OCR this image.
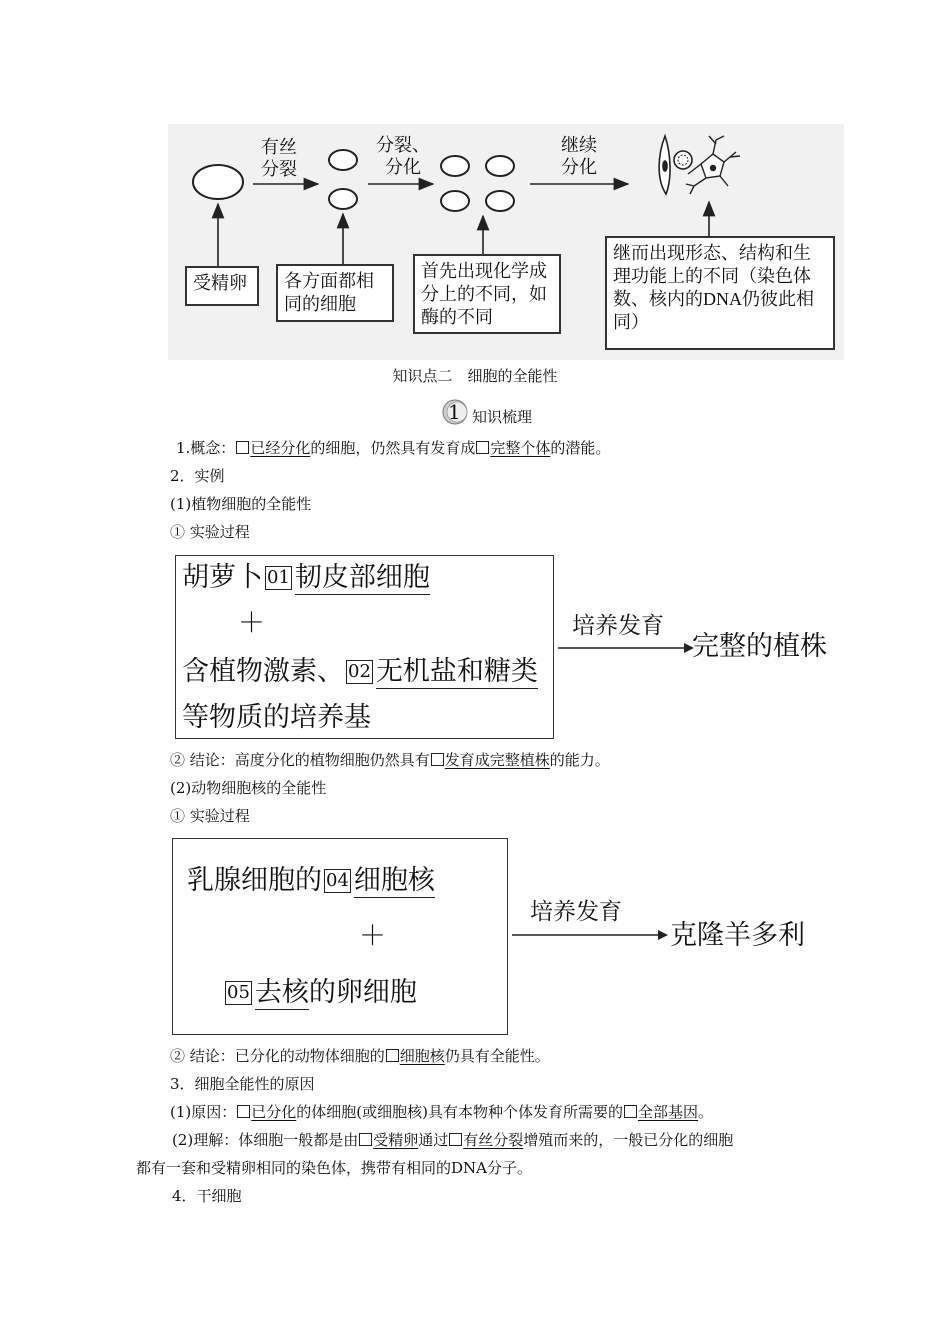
有丝
分裂
分裂、
分化
继续
分化
受精卵	各方面都相同的细胞
首先出现化学成分上的不同，如酶的不同
继而出现形态、结构和生理功能上的不同（染色体数、核内的DNA仍彼此相同）
知识点二　细胞的全能性
1 知识梳理
1.概念： 已经分化的细胞，仍然具有发育成 完整个体的潜能。
2．实例
(1)植物细胞的全能性
① 实验过程
胡萝卜 01 韧皮部细胞
＋
含植物激素、 02 无机盐和糖类
等物质的培养基
培养发育
完整的植株
② 结论：高度分化的植物细胞仍然具有 发育成完整植株的能力。
(2)动物细胞核的全能性
① 实验过程
乳腺细胞的 04 细胞核
＋
05 去核的卵细胞
培养发育
克隆羊多利
② 结论：已分化的动物体细胞的 细胞核仍具有全能性。
3．细胞全能性的原因
(1)原因： 已分化的体细胞(或细胞核)具有本物种个体发育所需要的 全部基因。
(2)理解：体细胞一般都是由 受精卵通过 有丝分裂增殖而来的，一般已分化的细胞
都有一套和受精卵相同的染色体，携带有相同的DNA分子。
4．干细胞
